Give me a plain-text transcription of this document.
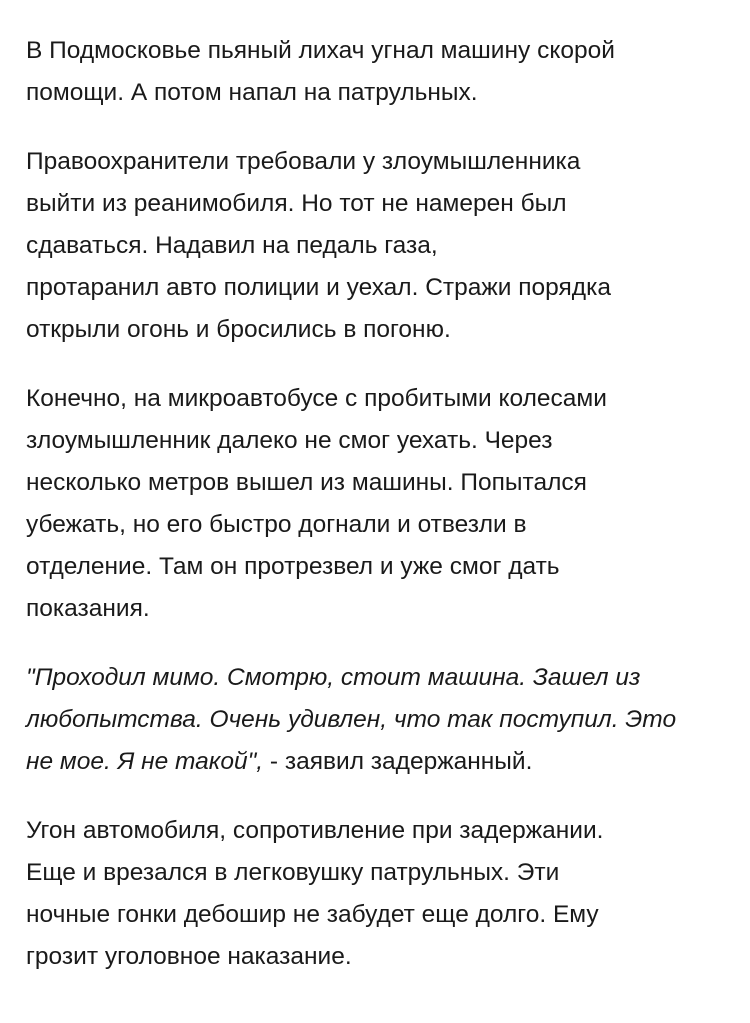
В Подмосковье пьяный лихач угнал машину скорой
помощи. А потом напал на патрульных.

Правоохранители требовали у злоумышленника
выйти из реанимобиля. Но тот не намерен был
сдаваться. Надавил на педаль газа,
протаранил авто полиции и уехал. Стражи порядка
открыли огонь и бросились в погоню.

Конечно, на микроавтобусе с пробитыми колесами
злоумышленник далеко не смог уехать. Через
несколько метров вышел из машины. Попытался
убежать, но его быстро догнали и отвезли в
отделение. Там он протрезвел и уже смог дать
показания.

"Проходил мимо. Смотрю, стоит машина. Зашел из
любопытства. Очень удивлен, что так поступил. Это
не мое. Я не такой", - заявил задержанный.

Угон автомобиля, сопротивление при задержании.
Еще и врезался в легковушку патрульных. Эти
ночные гонки дебошир не забудет еще долго. Ему
грозит уголовное наказание.
